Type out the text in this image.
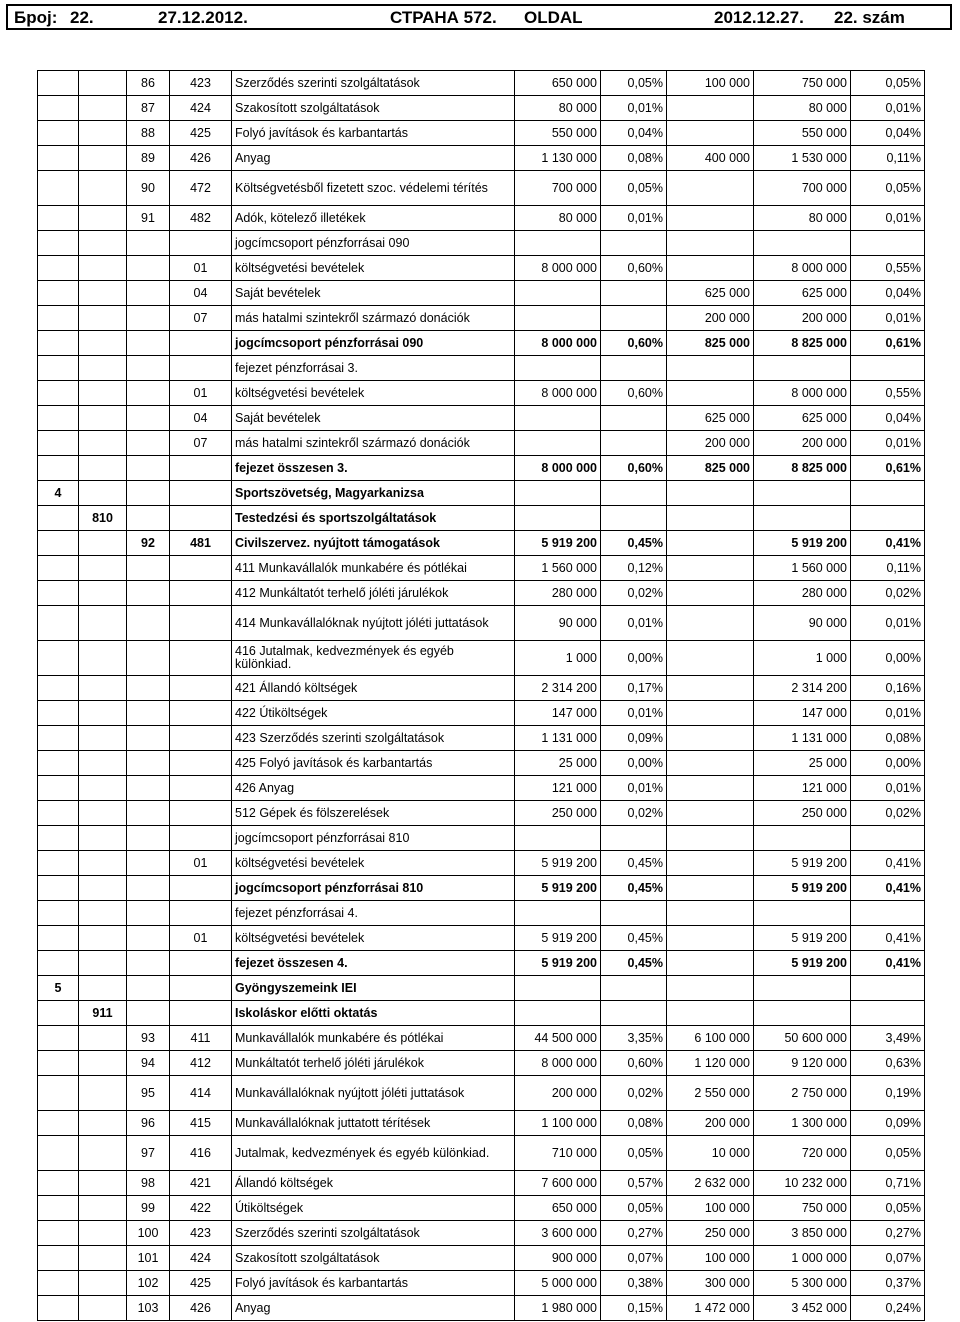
Број: 22.	27.12.2012.	СТРАНА 572. OLDAL	2012.12.27. 22. szám
		86	423	Szerződés szerinti szolgáltatások	650 000	0,05%	100 000	750 000	0,05%
		87	424	Szakosított szolgáltatások	80 000	0,01%		80 000	0,01%
		88	425	Folyó javítások és karbantartás	550 000	0,04%		550 000	0,04%
		89	426	Anyag	1 130 000	0,08%	400 000	1 530 000	0,11%
		90	472	Költségvetésből fizetett szoc. védelemi térítés	700 000	0,05%		700 000	0,05%
		91	482	Adók, kötelező illetékek	80 000	0,01%		80 000	0,01%
				jogcímcsoport pénzforrásai 090					
			01	költségvetési bevételek	8 000 000	0,60%		8 000 000	0,55%
			04	Saját bevételek			625 000	625 000	0,04%
			07	más hatalmi szintekről származó donációk			200 000	200 000	0,01%
				jogcímcsoport pénzforrásai 090	8 000 000	0,60%	825 000	8 825 000	0,61%
				fejezet pénzforrásai 3.					
			01	költségvetési bevételek	8 000 000	0,60%		8 000 000	0,55%
			04	Saját bevételek			625 000	625 000	0,04%
			07	más hatalmi szintekről származó donációk			200 000	200 000	0,01%
				fejezet összesen 3.	8 000 000	0,60%	825 000	8 825 000	0,61%
4				Sportszövetség, Magyarkanizsa					
	810			Testedzési és sportszolgáltatások					
		92	481	Civilszervez. nyújtott támogatások	5 919 200	0,45%		5 919 200	0,41%
				411 Munkavállalók munkabére és pótlékai	1 560 000	0,12%		1 560 000	0,11%
				412 Munkáltatót terhelő jóléti járulékok	280 000	0,02%		280 000	0,02%
				414 Munkavállalóknak nyújtott jóléti juttatások	90 000	0,01%		90 000	0,01%
				416 Jutalmak, kedvezmények és egyéb különkiad.	1 000	0,00%		1 000	0,00%
				421 Állandó költségek	2 314 200	0,17%		2 314 200	0,16%
				422 Útiköltségek	147 000	0,01%		147 000	0,01%
				423 Szerződés szerinti szolgáltatások	1 131 000	0,09%		1 131 000	0,08%
				425 Folyó javítások és karbantartás	25 000	0,00%		25 000	0,00%
				426 Anyag	121 000	0,01%		121 000	0,01%
				512 Gépek és fölszerelések	250 000	0,02%		250 000	0,02%
				jogcímcsoport pénzforrásai 810					
			01	költségvetési bevételek	5 919 200	0,45%		5 919 200	0,41%
				jogcímcsoport pénzforrásai 810	5 919 200	0,45%		5 919 200	0,41%
				fejezet pénzforrásai 4.					
			01	költségvetési bevételek	5 919 200	0,45%		5 919 200	0,41%
				fejezet összesen 4.	5 919 200	0,45%		5 919 200	0,41%
5				Gyöngyszemeink IEI					
	911			Iskoláskor előtti oktatás					
		93	411	Munkavállalók munkabére és pótlékai	44 500 000	3,35%	6 100 000	50 600 000	3,49%
		94	412	Munkáltatót terhelő jóléti járulékok	8 000 000	0,60%	1 120 000	9 120 000	0,63%
		95	414	Munkavállalóknak nyújtott jóléti juttatások	200 000	0,02%	2 550 000	2 750 000	0,19%
		96	415	Munkavállalóknak juttatott térítések	1 100 000	0,08%	200 000	1 300 000	0,09%
		97	416	Jutalmak, kedvezmények és egyéb különkiad.	710 000	0,05%	10 000	720 000	0,05%
		98	421	Állandó költségek	7 600 000	0,57%	2 632 000	10 232 000	0,71%
		99	422	Útiköltségek	650 000	0,05%	100 000	750 000	0,05%
		100	423	Szerződés szerinti szolgáltatások	3 600 000	0,27%	250 000	3 850 000	0,27%
		101	424	Szakosított szolgáltatások	900 000	0,07%	100 000	1 000 000	0,07%
		102	425	Folyó javítások és karbantartás	5 000 000	0,38%	300 000	5 300 000	0,37%
		103	426	Anyag	1 980 000	0,15%	1 472 000	3 452 000	0,24%
